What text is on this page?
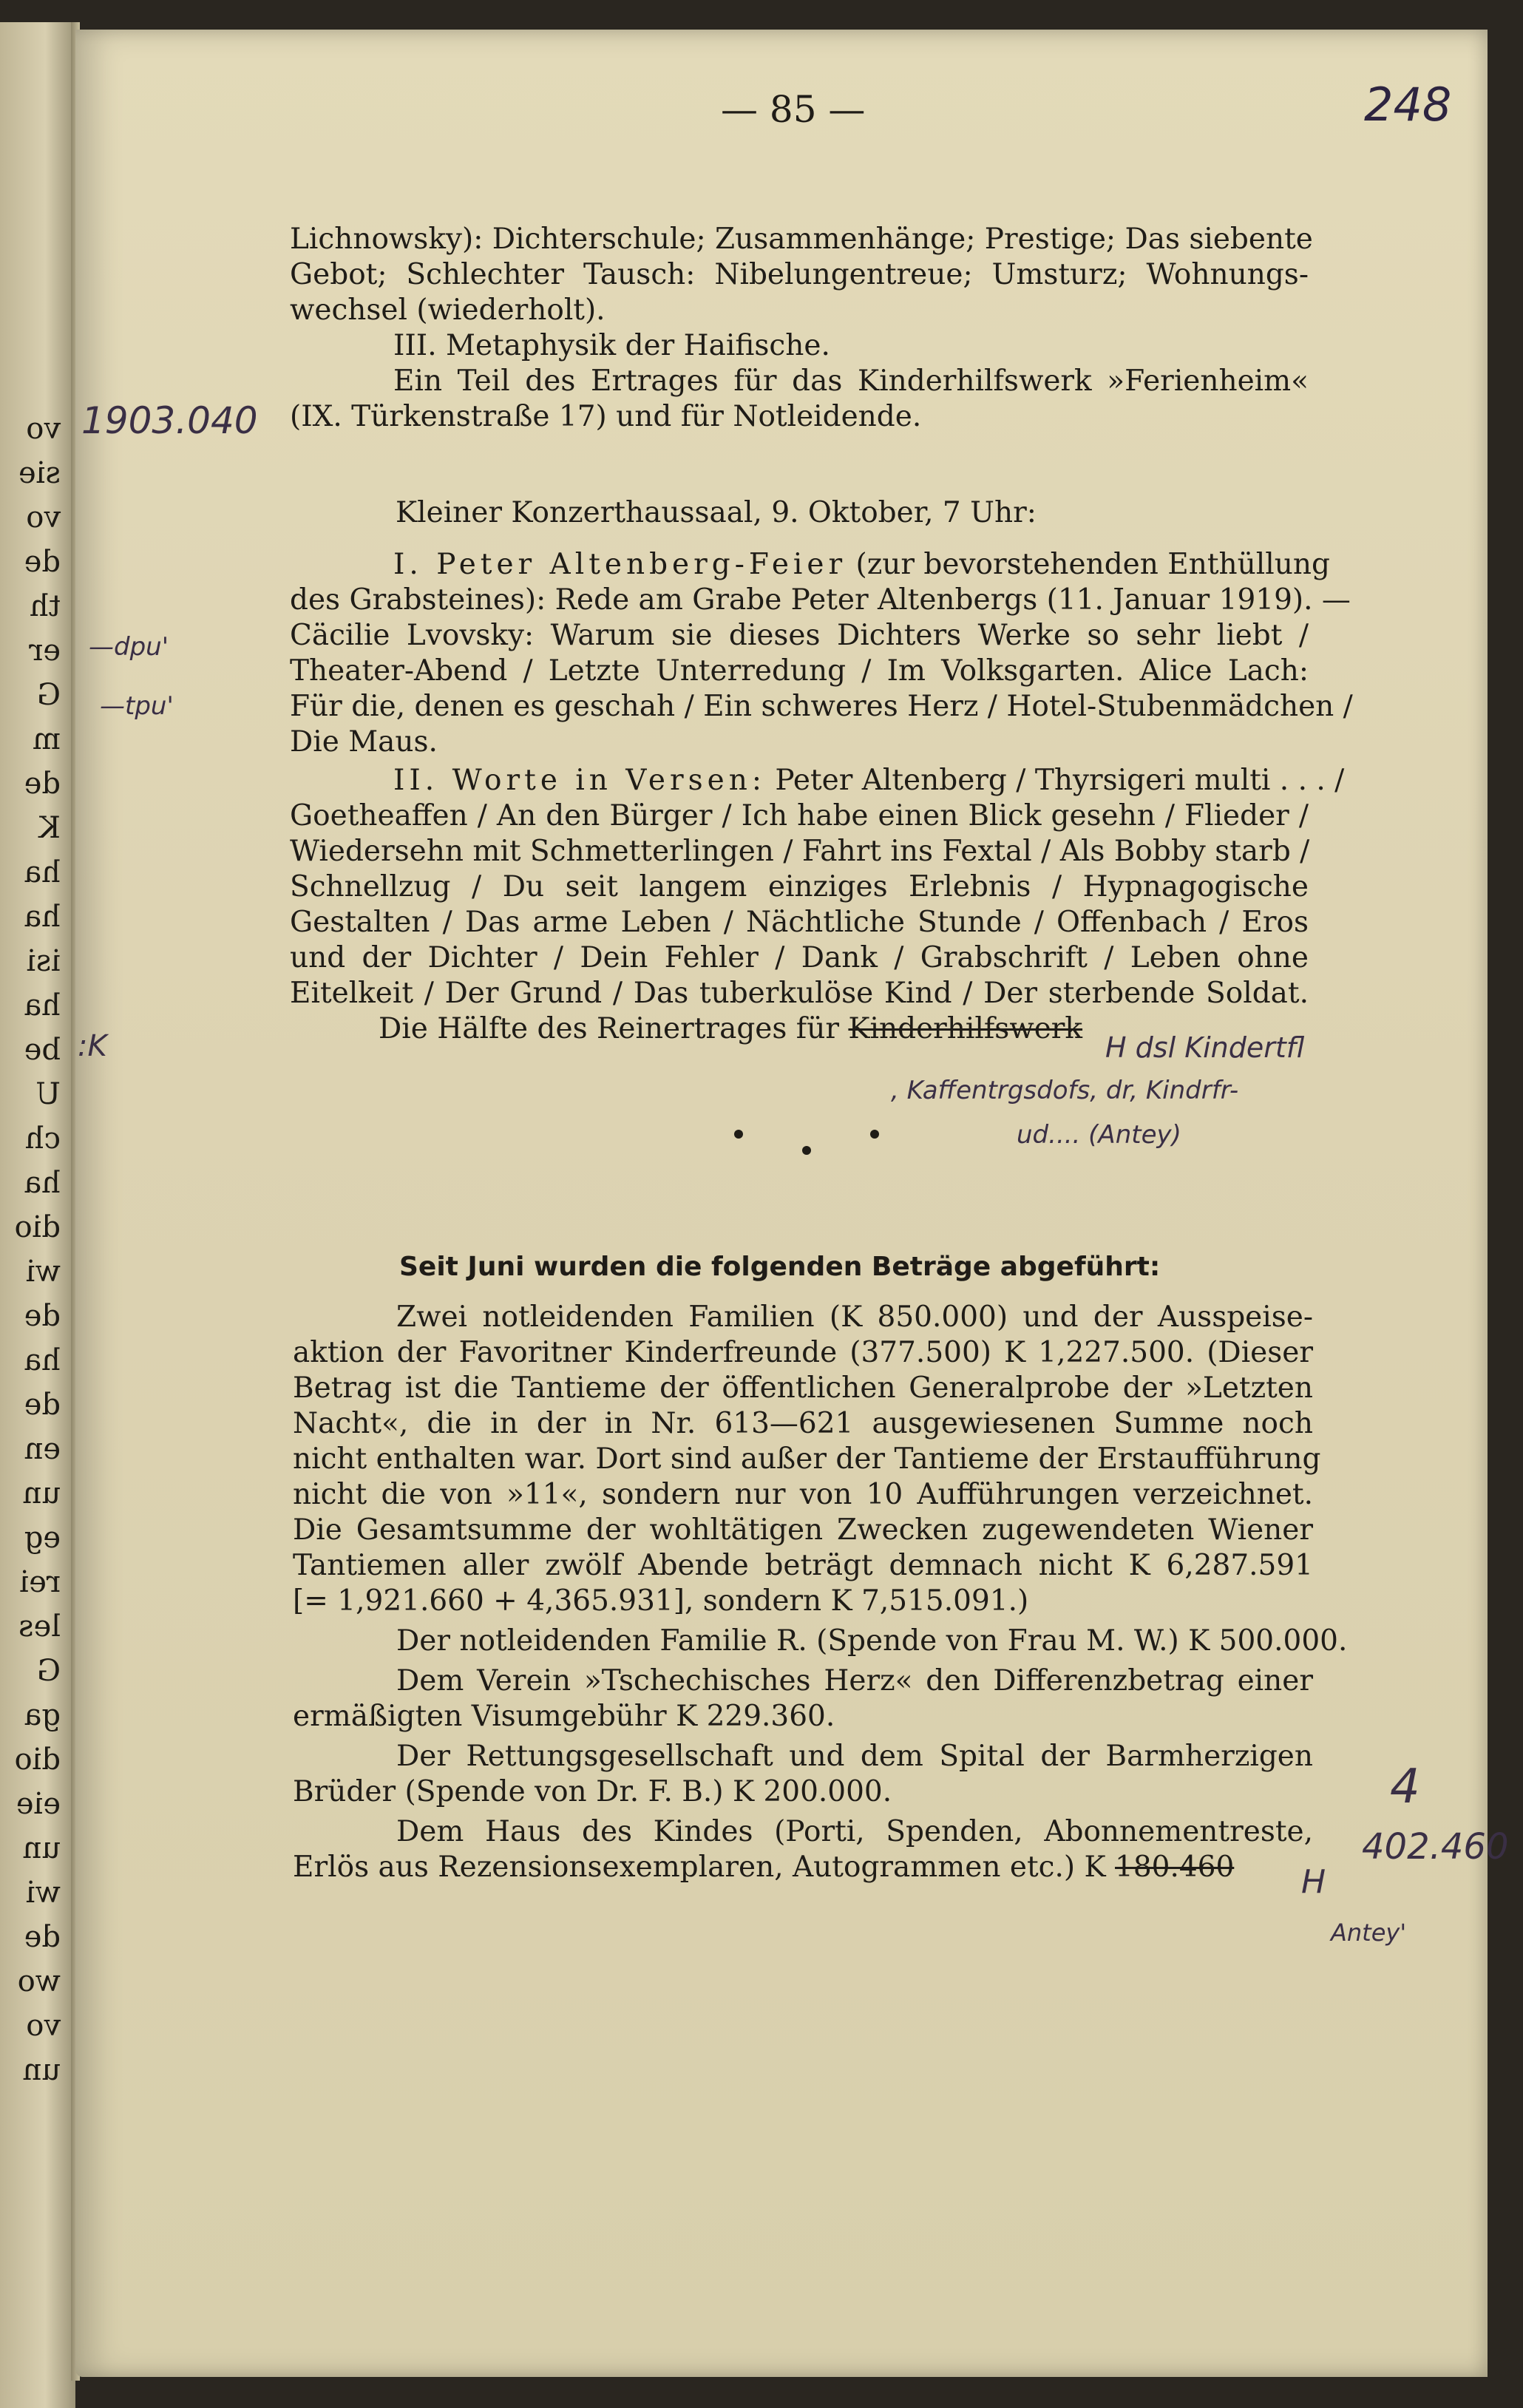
vo
sie
vo
de
th
er
G
m
de
K
ha
ha
isi
ha
be
U
ch
ha
dio
wi
de
ha
de
en
un
eg
rei
les
G
ga
dio
eie
un
wi
de
wo
vo
un
— 85 —	248
Lichnowsky): Dichterschule; Zusammenhänge; Prestige; Das siebente
Gebot; Schlechter Tausch: Nibelungentreue; Umsturz; Wohnungs-
wechsel (wiederholt).
III. Metaphysik der Haifische.
Ein Teil des Ertrages für das Kinderhilfswerk »Ferienheim«
(IX. Türkenstraße 17) und für Notleidende.
Kleiner Konzerthaussaal, 9. Oktober, 7 Uhr:
I. Peter Altenberg-Feier (zur bevorstehenden Enthüllung
des Grabsteines): Rede am Grabe Peter Altenbergs (11. Januar 1919). —
Cäcilie Lvovsky: Warum sie dieses Dichters Werke so sehr liebt /
Theater-Abend / Letzte Unterredung / Im Volksgarten. Alice Lach:
Für die, denen es geschah / Ein schweres Herz / Hotel-Stubenmädchen /
Die Maus.
II. Worte in Versen: Peter Altenberg / Thyrsigeri multi . . . /
Goetheaffen / An den Bürger / Ich habe einen Blick gesehn / Flieder /
Wiedersehn mit Schmetterlingen / Fahrt ins Fextal / Als Bobby starb /
Schnellzug / Du seit langem einziges Erlebnis / Hypnagogische
Gestalten / Das arme Leben / Nächtliche Stunde / Offenbach / Eros
und der Dichter / Dein Fehler / Dank / Grabschrift / Leben ohne
Eitelkeit / Der Grund / Das tuberkulöse Kind / Der sterbende Soldat.
Die Hälfte des Reinertrages für Kinderhilfswerk
Seit Juni wurden die folgenden Beträge abgeführt:
Zwei notleidenden Familien (K 850.000) und der Ausspeise-
aktion der Favoritner Kinderfreunde (377.500) K 1,227.500. (Dieser
Betrag ist die Tantieme der öffentlichen Generalprobe der »Letzten
Nacht«, die in der in Nr. 613—621 ausgewiesenen Summe noch
nicht enthalten war. Dort sind außer der Tantieme der Erstaufführung
nicht die von »11«, sondern nur von 10 Aufführungen verzeichnet.
Die Gesamtsumme der wohltätigen Zwecken zugewendeten Wiener
Tantiemen aller zwölf Abende beträgt demnach nicht K 6,287.591
[= 1,921.660 + 4,365.931], sondern K 7,515.091.)
Der notleidenden Familie R. (Spende von Frau M. W.) K 500.000.
Dem Verein »Tschechisches Herz« den Differenzbetrag einer
ermäßigten Visumgebühr K 229.360.
Der Rettungsgesellschaft und dem Spital der Barmherzigen
Brüder (Spende von Dr. F. B.) K 200.000.
Dem Haus des Kindes (Porti, Spenden, Abonnementreste,
Erlös aus Rezensionsexemplaren, Autogrammen etc.) K 180.460
1903.040
—dpu'
—tpu'
:K	H dsl Kindertfl
, Kaffentrgsdofs, dr, Kindrfr-
ud.... (Antey)
4
402.460
H
Antey'
